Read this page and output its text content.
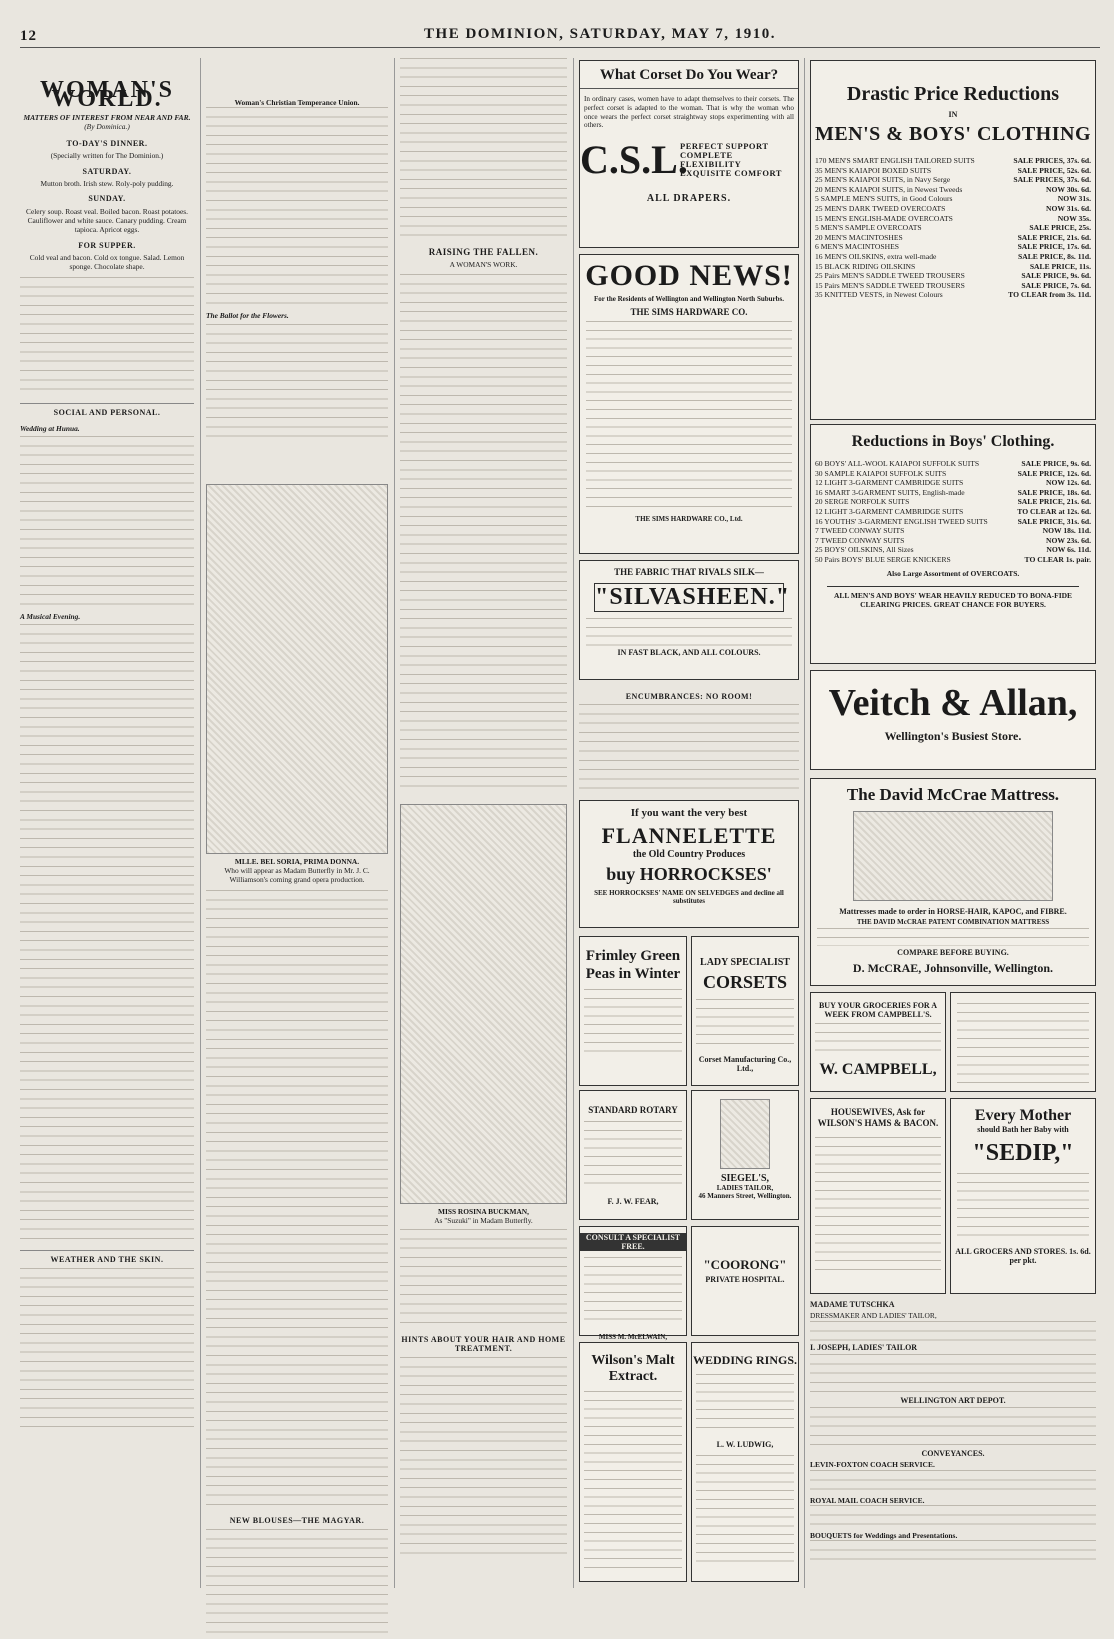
12	THE DOMINION, SATURDAY, MAY 7, 1910.
WOMAN'S WORLD.
MATTERS OF INTEREST FROM NEAR AND FAR.
(By Dominica.)
TO-DAY'S DINNER.
(Specially written for The Dominion.)
SATURDAY.
Mutton broth. Irish stew. Roly-poly pudding.
SUNDAY.
Celery soup. Roast veal. Boiled bacon. Roast potatoes. Cauliflower and white sauce. Canary pudding. Cream tapioca. Apricot eggs.
FOR SUPPER.
Cold veal and bacon. Cold ox tongue. Salad. Lemon sponge. Chocolate shape.
SOCIAL AND PERSONAL.
Wedding at Hunua.
A Musical Evening.
WEATHER AND THE SKIN.
Woman's Christian Temperance Union.
The Ballot for the Flowers.
MLLE. BEL SORIA, PRIMA DONNA.
Who will appear as Madam Butterfly in Mr. J. C. Williamson's coming grand opera production.
NEW BLOUSES—THE MAGYAR.
RAISING THE FALLEN.
A WOMAN'S WORK.
MISS ROSINA BUCKMAN,
As "Suzuki" in Madam Butterfly.
HINTS ABOUT YOUR HAIR AND HOME TREATMENT.
What Corset Do You Wear?

In ordinary cases, women have to adapt themselves to their corsets. The perfect corset is adapted to the woman. That is why the woman who once wears the perfect corset straightway stops experimenting with all others.

C.S.L.
PERFECT SUPPORT
COMPLETE FLEXIBILITY
EXQUISITE COMFORT
ALL DRAPERS.
GOOD NEWS!
For the Residents of Wellington and Wellington North Suburbs.
THE SIMS HARDWARE CO.
THE SIMS HARDWARE CO., Ltd.
THE FABRIC THAT RIVALS SILK—
"SILVASHEEN."
IN FAST BLACK, AND ALL COLOURS.
ENCUMBRANCES: NO ROOM!
If you want the very best
FLANNELETTE
the Old Country Produces
buy HORROCKSES'
SEE HORROCKSES' NAME ON SELVEDGES and decline all substitutes
Frimley Green Peas in Winter
LADY SPECIALIST
CORSETS
Corset Manufacturing Co., Ltd.,
STANDARD ROTARY
F. J. W. FEAR,
SIEGEL'S,
LADIES TAILOR,
46 Manners Street, Wellington.
CONSULT A SPECIALIST FREE.
MISS M. McELWAIN,
"COORONG"
PRIVATE HOSPITAL.
Wilson's Malt Extract.
WEDDING RINGS.
L. W. LUDWIG,
Drastic Price Reductions
IN
MEN'S & BOYS' CLOTHING
170 MEN'S SMART ENGLISH TAILORED SUITS	SALE PRICES, 37s. 6d.
35 MEN'S KAIAPOI BOXED SUITS	SALE PRICE, 52s. 6d.
25 MEN'S KAIAPOI SUITS, in Navy Serge	SALE PRICES, 37s. 6d.
20 MEN'S KAIAPOI SUITS, in Newest Tweeds	NOW 30s. 6d.
5 SAMPLE MEN'S SUITS, in Good Colours	NOW 31s.
25 MEN'S DARK TWEED OVERCOATS	NOW 31s. 6d.
15 MEN'S ENGLISH-MADE OVERCOATS	NOW 35s.
5 MEN'S SAMPLE OVERCOATS	SALE PRICE, 25s.
20 MEN'S MACINTOSHES	SALE PRICE, 21s. 6d.
6 MEN'S MACINTOSHES	SALE PRICE, 17s. 6d.
16 MEN'S OILSKINS, extra well-made	SALE PRICE, 8s. 11d.
15 BLACK RIDING OILSKINS	SALE PRICE, 11s.
25 Pairs MEN'S SADDLE TWEED TROUSERS	SALE PRICE, 9s. 6d.
15 Pairs MEN'S SADDLE TWEED TROUSERS	SALE PRICE, 7s. 6d.
35 KNITTED VESTS, in Newest Colours	TO CLEAR from 3s. 11d.
Reductions in Boys' Clothing.
60 BOYS' ALL-WOOL KAIAPOI SUFFOLK SUITS	SALE PRICE, 9s. 6d.
30 SAMPLE KAIAPOI SUFFOLK SUITS	SALE PRICE, 12s. 6d.
12 LIGHT 3-GARMENT CAMBRIDGE SUITS	NOW 12s. 6d.
16 SMART 3-GARMENT SUITS, English-made	SALE PRICE, 18s. 6d.
20 SERGE NORFOLK SUITS	SALE PRICE, 21s. 6d.
12 LIGHT 3-GARMENT CAMBRIDGE SUITS	TO CLEAR at 12s. 6d.
16 YOUTHS' 3-GARMENT ENGLISH TWEED SUITS	SALE PRICE, 31s. 6d.
7 TWEED CONWAY SUITS	NOW 18s. 11d.
7 TWEED CONWAY SUITS	NOW 23s. 6d.
25 BOYS' OILSKINS, All Sizes	NOW 6s. 11d.
50 Pairs BOYS' BLUE SERGE KNICKERS	TO CLEAR 1s. pair.
Also Large Assortment of OVERCOATS.
ALL MEN'S AND BOYS' WEAR HEAVILY REDUCED TO BONA-FIDE CLEARING PRICES. GREAT CHANCE FOR BUYERS.
Veitch & Allan,
Wellington's Busiest Store.
The David McCrae Mattress.
Mattresses made to order in HORSE-HAIR, KAPOC, and FIBRE.
THE DAVID McCRAE PATENT COMBINATION MATTRESS
COMPARE BEFORE BUYING.
D. McCRAE, Johnsonville, Wellington.
BUY YOUR GROCERIES FOR A WEEK FROM CAMPBELL'S.
W. CAMPBELL,
HOUSEWIVES, Ask for WILSON'S HAMS & BACON.	Every Mother
should Bath her Baby with
"SEDIP,"
ALL GROCERS AND STORES. 1s. 6d. per pkt.
MADAME TUTSCHKA
DRESSMAKER AND LADIES' TAILOR,
I. JOSEPH, LADIES' TAILOR
WELLINGTON ART DEPOT.
CONVEYANCES.
LEVIN-FOXTON COACH SERVICE.
ROYAL MAIL COACH SERVICE.
BOUQUETS for Weddings and Presentations.
